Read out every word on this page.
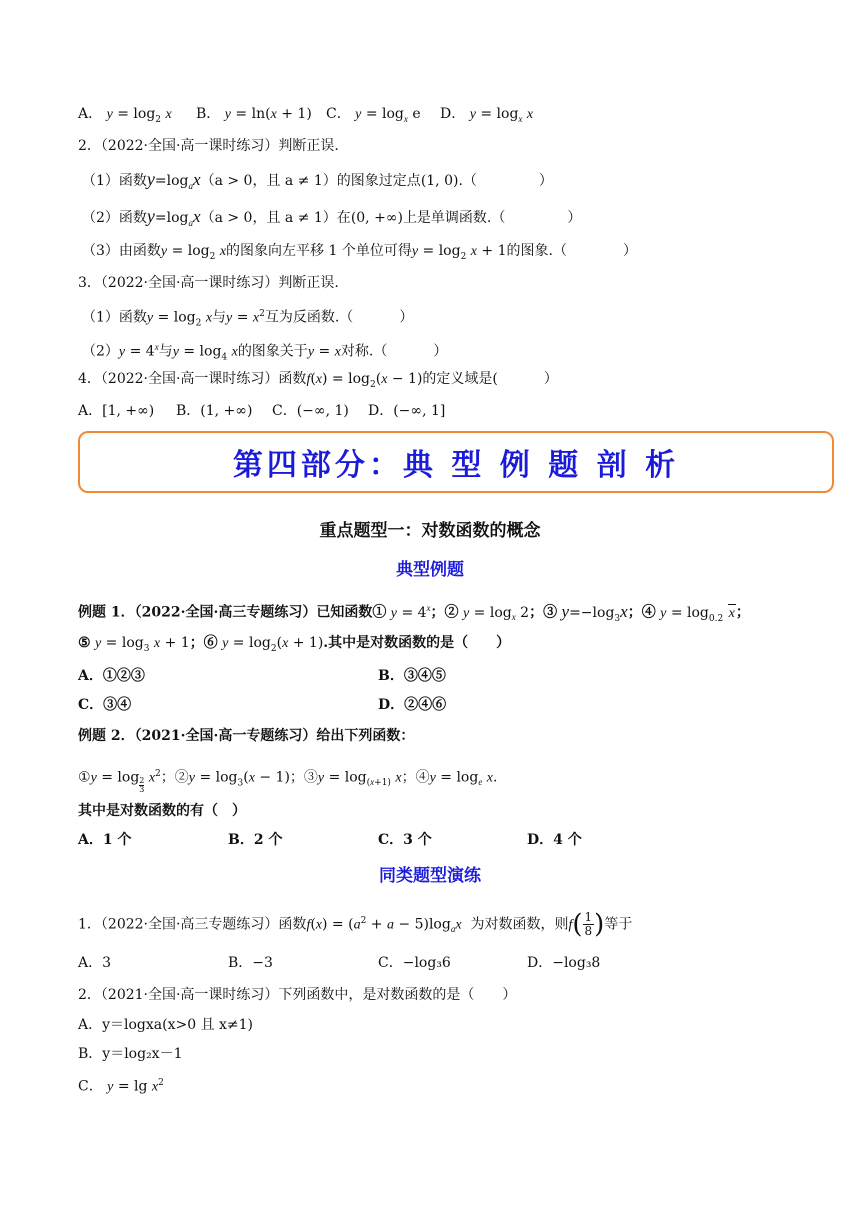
A． $y = \log_2 x$ B． y = ln(x + 1) C． $y = \log_x e$ D． $y = \log_x x$
2．（2022·全国·高一课时练习）判断正误.
（1）函数$y=\log_ax(a > 0$，且 a ≠ 1）的图象过定点(1, 0).（	）
（2）函数$y=\log_ax(a > 0$，且 a ≠ 1）在(0, +∞)上是单调函数.（	）
（3）由函数$y = \log_2 x$的图象向左平移 1 个单位可得$y = \log_2 x + 1$的图象.（	）
3．（2022·全国·高一课时练习）判断正误.
（1）函数$y = \log_2 x$与$y = x^2$互为反函数.（	）
$(2)y = 4^x$与$y = \log_4 x$的图象关于y = x对称.（	）
4．（2022·全国·高一课时练习）函数$f(x) = \log_2(x - 1)$的定义域是(	）
A．[1, +∞) B．(1, +∞) C．(−∞, 1) D．(−∞, 1]
第四部分：典 型 例 题 剖 析
重点题型一：对数函数的概念
典型例题
例题 1．（2022·全国·高三专题练习）已知函数① $y = 4^x$；② $y = \log_x 2$；③ $y=-\log_3x$；④ $y = \log_{0.2} x$；
⑤ $y = \log_3 x + 1$；⑥ $y = \log_2(x + 1)$.其中是对数函数的是（　　）
A．①②③	B．③④⑤
C．③④	D．②④⑥
例题 2．（2021·全国·高一专题练习）给出下列函数：
①y = $\log \frac{2}{3} x^2$；②y = $\log_3(x - 1)$；③y = $\log_{(x+1)} x$；④y = $\log_e x$.
其中是对数函数的有（　）
A．1 个	B．2 个	C．3 个	D．4 个
同类题型演练
1．（2022·全国·高三专题练习）函数$f(x) = (a^2 + a - 5)\log_ax$ 为对数函数，则$f( \frac{1}{8}$ )等于
A．3	B．−3	C．−log₃6	D．−log₃8
2．（2021·全国·高一课时练习）下列函数中，是对数函数的是（　　）
A．y＝logxa(x>0 且 x≠1)
B．y＝log₂x－1
C． $y = \lg x^2$
